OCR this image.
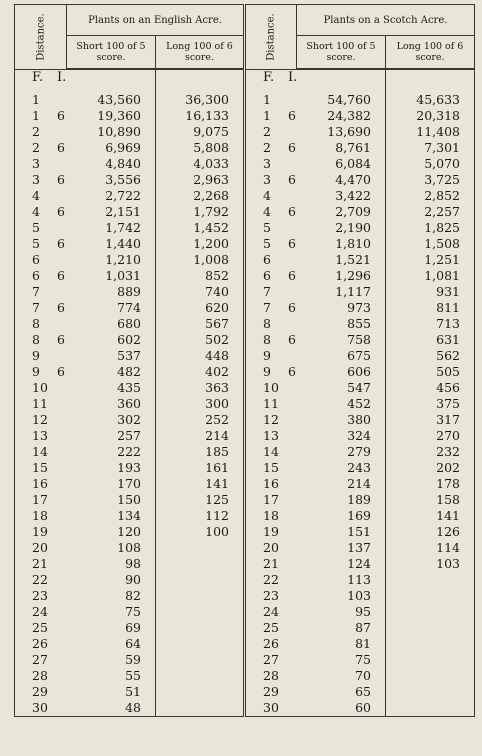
Distance.	Plants on an English Acre.		Distance.	Plants on a Scotch Acre.	
	Short 100 of 5 score.	Long 100 of 6 score.		Short 100 of 5 score.	Long 100 of 6 score.

F. I.			F. I.		

1	43,560	36,300	1	54,760	45,633

1 6	19,360	16,133	1 6	24,382	20,318

2	10,890	9,075	2	13,690	11,408

2 6	6,969	5,808	2 6	8,761	7,301

3	4,840	4,033	3	6,084	5,070

3 6	3,556	2,963	3 6	4,470	3,725

4	2,722	2,268	4	3,422	2,852

4 6	2,151	1,792	4 6	2,709	2,257

5	1,742	1,452	5	2,190	1,825

5 6	1,440	1,200	5 6	1,810	1,508

6	1,210	1,008	6	1,521	1,251

6 6	1,031	852	6 6	1,296	1,081

7	889	740	7	1,117	931

7 6	774	620	7 6	973	811

8	680	567	8	855	713

8 6	602	502	8 6	758	631

9	537	448	9	675	562

9 6	482	402	9 6	606	505

10	435	363	10	547	456

11	360	300	11	452	375

12	302	252	12	380	317

13	257	214	13	324	270

14	222	185	14	279	232

15	193	161	15	243	202

16	170	141	16	214	178

17	150	125	17	189	158

18	134	112	18	169	141

19	120	100	19	151	126

20	108		20	137	114

21	98		21	124	103

22	90		22	113	

23	82		23	103	

24	75		24	95	

25	69		25	87	

26	64		26	81	

27	59		27	75	

28	55		28	70	

29	51		29	65	

30	48		30	60	
